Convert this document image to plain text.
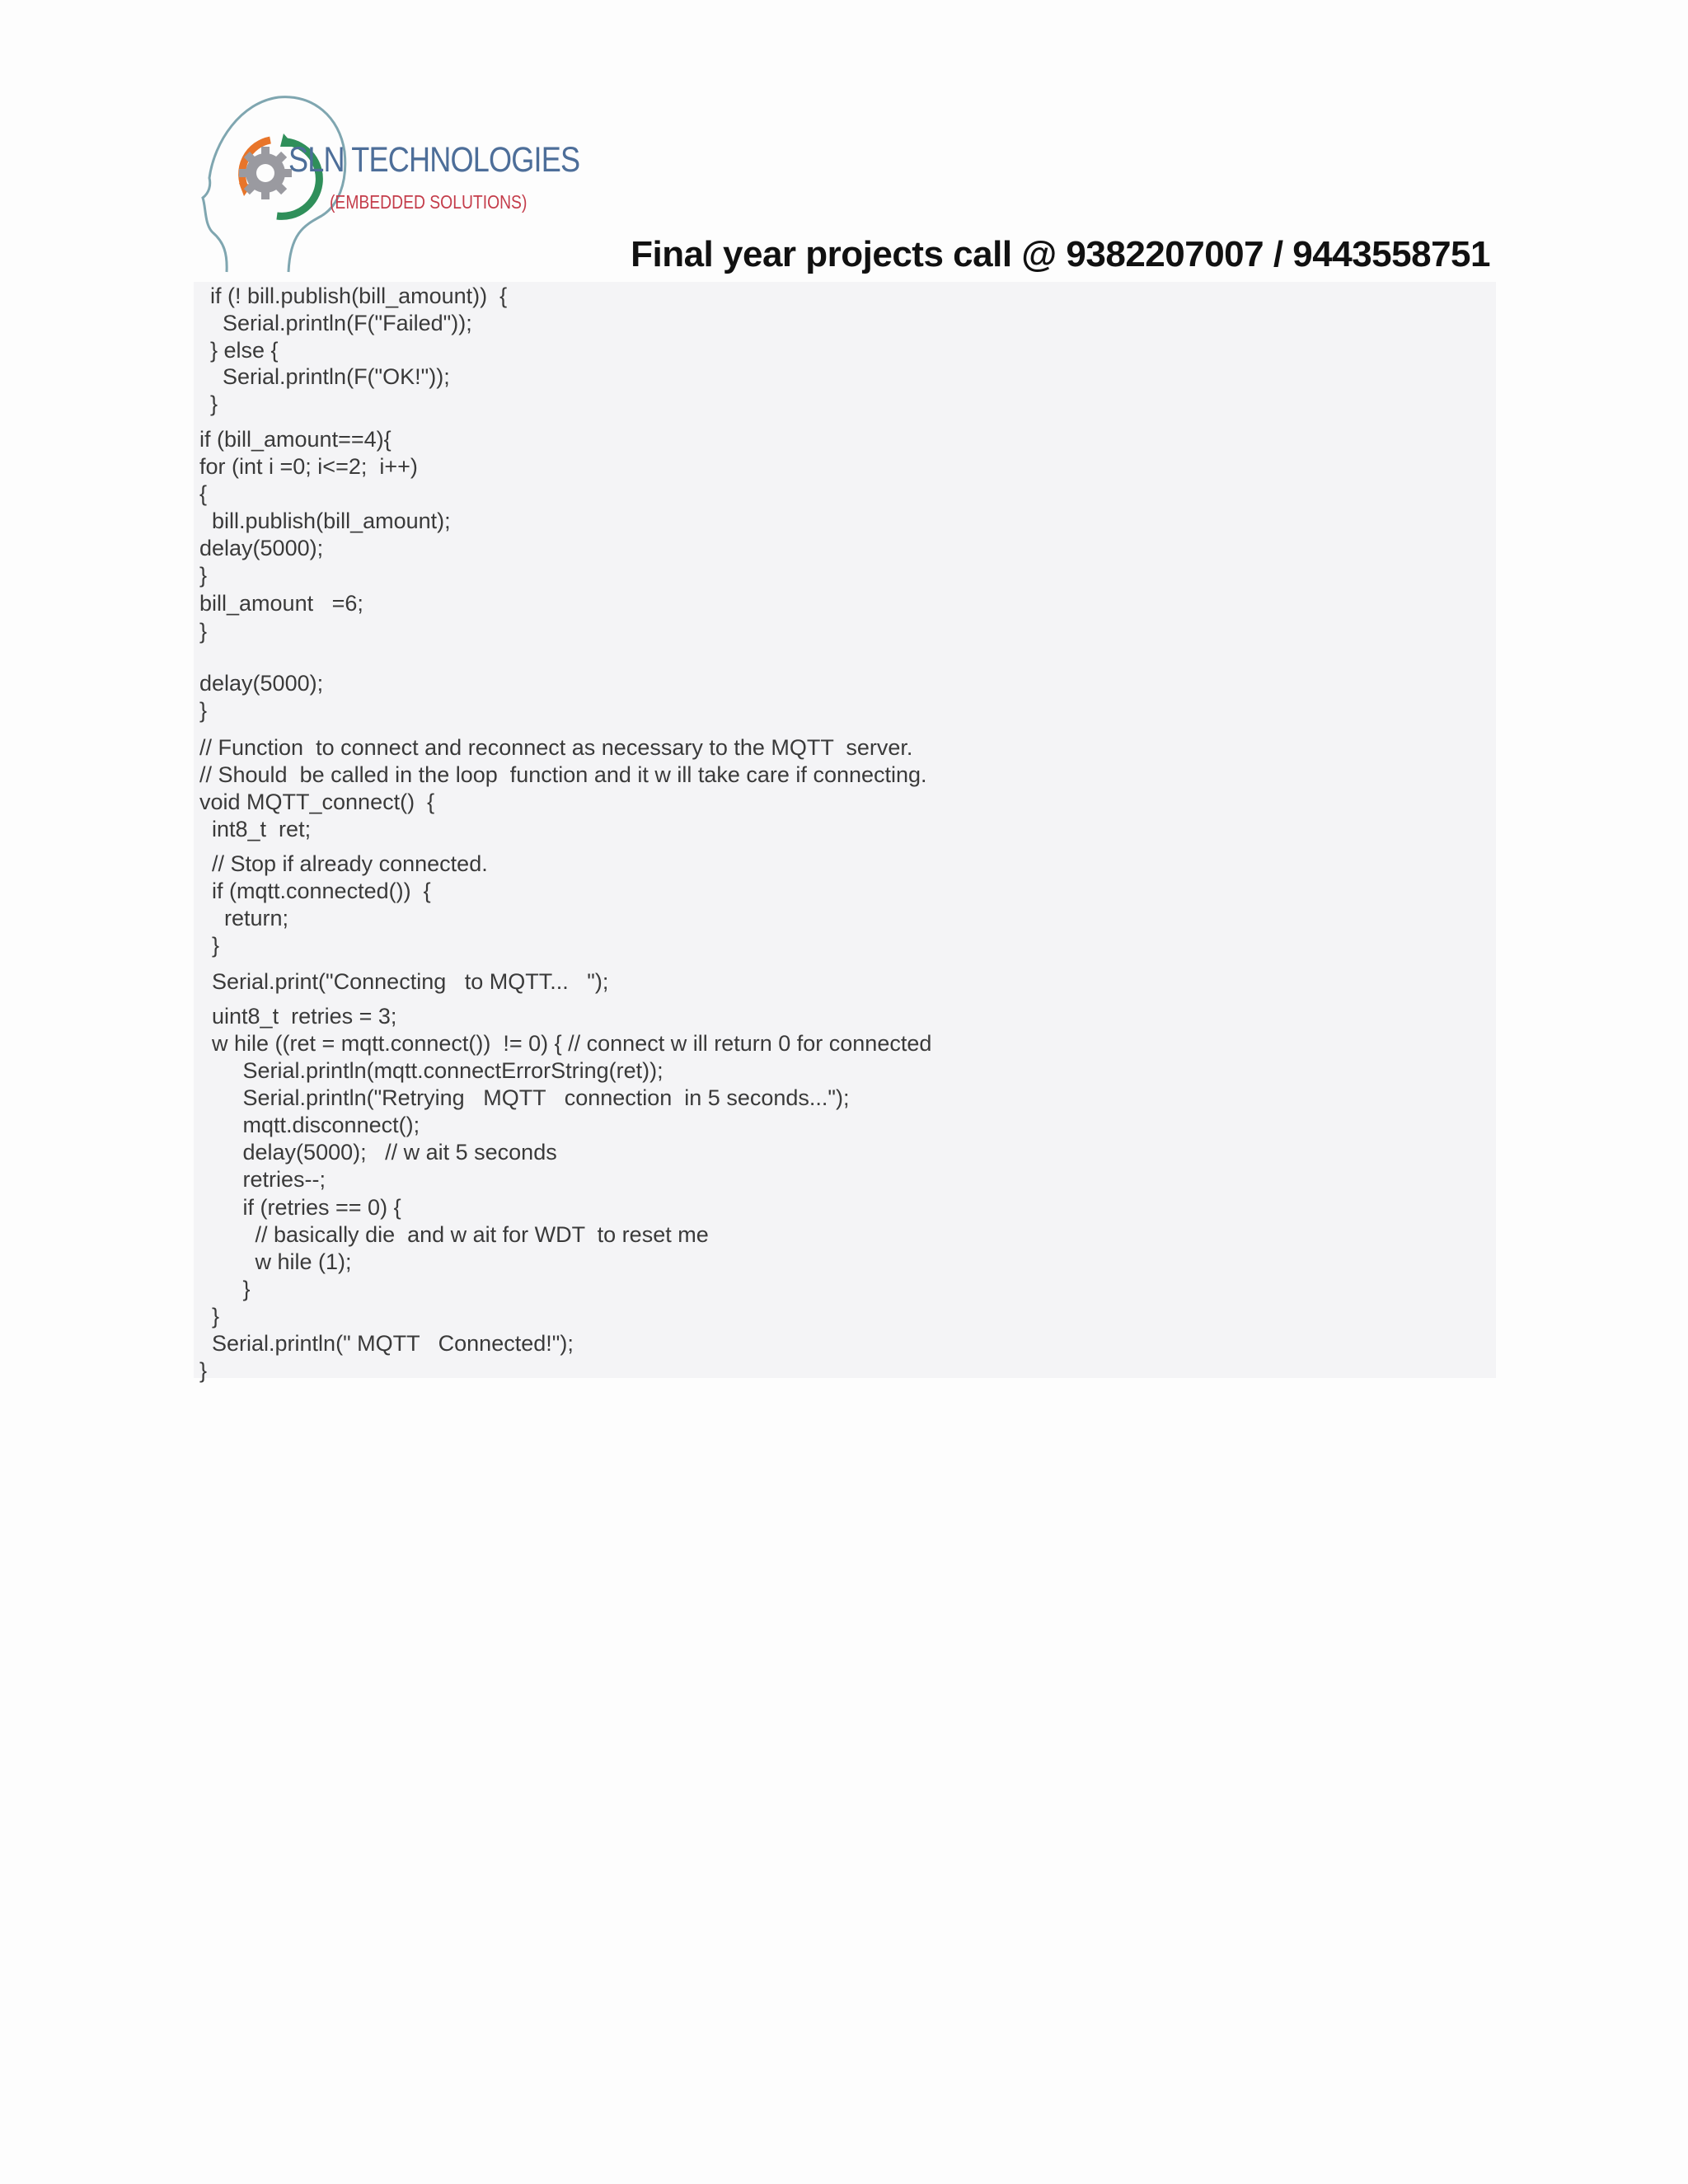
SLN TECHNOLOGIES
(EMBEDDED SOLUTIONS)
Final year projects call @ 9382207007 / 9443558751
if (! bill.publish(bill_amount))  {
Serial.println(F("Failed"));
} else {
Serial.println(F("OK!"));
}
if (bill_amount==4){
for (int i =0; i<=2;  i++)
{
bill.publish(bill_amount);
delay(5000);
}
bill_amount   =6;
}
delay(5000);
}
// Function  to connect and reconnect as necessary to the MQTT  server.
// Should  be called in the loop  function and it w ill take care if connecting.
void MQTT_connect()  {
int8_t  ret;
// Stop if already connected.
if (mqtt.connected())  {
return;
}
Serial.print("Connecting   to MQTT...   ");
uint8_t  retries = 3;
w hile ((ret = mqtt.connect())  != 0) { // connect w ill return 0 for connected
Serial.println(mqtt.connectErrorString(ret));
Serial.println("Retrying   MQTT   connection  in 5 seconds...");
mqtt.disconnect();
delay(5000);   // w ait 5 seconds
retries--;
if (retries == 0) {
// basically die  and w ait for WDT  to reset me
w hile (1);
}
}
Serial.println(" MQTT   Connected!");
}
